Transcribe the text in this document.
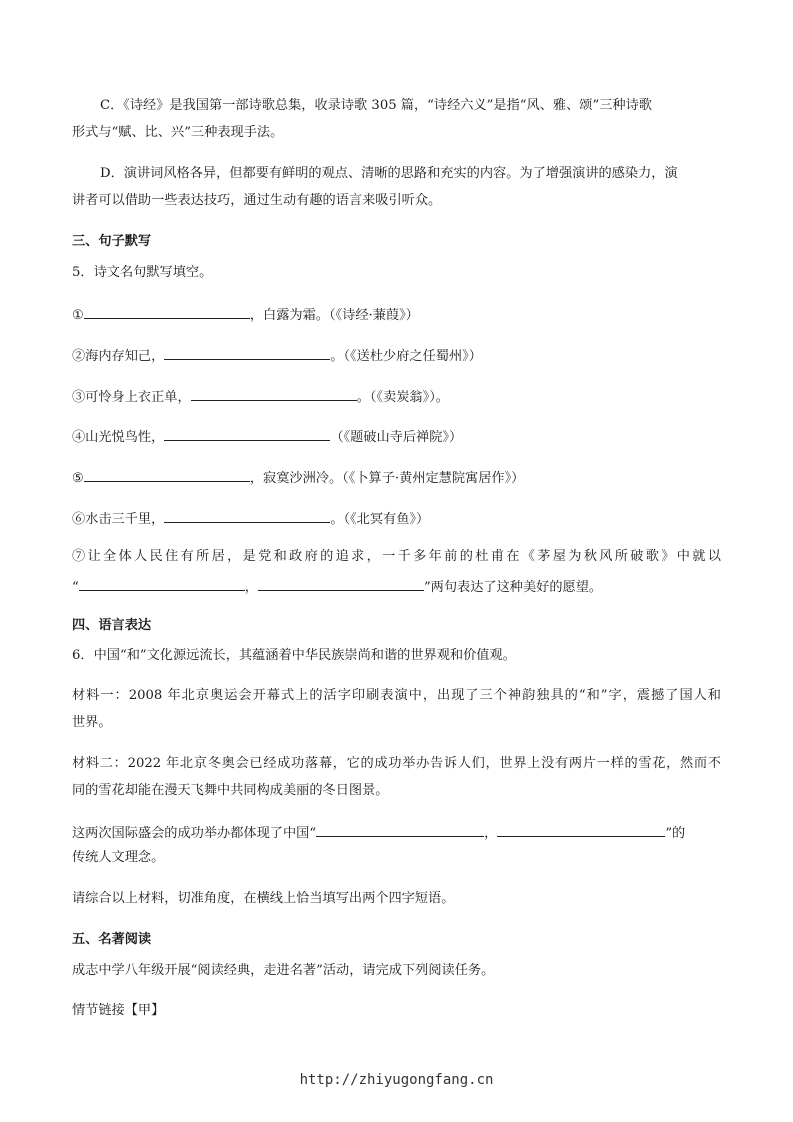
C．《诗经》是我国第一部诗歌总集，收录诗歌 305 篇，“诗经六义”是指“风、雅、颂”三种诗歌
形式与“赋、比、兴”三种表现手法。
D．演讲词风格各异，但都要有鲜明的观点、清晰的思路和充实的内容。为了增强演讲的感染力，演
讲者可以借助一些表达技巧，通过生动有趣的语言来吸引听众。
三、句子默写
5．诗文名句默写填空。
①	，白露为霜。（《诗经·蒹葭》）
②海内存知己，	。（《送杜少府之任蜀州》）
③可怜身上衣正单，	。（《卖炭翁》）。
④山光悦鸟性，	（《题破山寺后禅院》）
⑤	，寂寞沙洲冷。（《卜算子·黄州定慧院寓居作》）
⑥水击三千里，	。（《北冥有鱼》）
⑦让全体人民住有所居，是党和政府的追求，一千多年前的杜甫在《茅屋为秋风所破歌》中就以
“	，	”两句表达了这种美好的愿望。
四、语言表达
6．中国“和”文化源远流长，其蕴涵着中华民族崇尚和谐的世界观和价值观。
材料一：2008 年北京奥运会开幕式上的活字印刷表演中，出现了三个神韵独具的“和”字，震撼了国人和
世界。
材料二：2022 年北京冬奥会已经成功落幕，它的成功举办告诉人们，世界上没有两片一样的雪花，然而不
同的雪花却能在漫天飞舞中共同构成美丽的冬日图景。
这两次国际盛会的成功举办都体现了中国“	，	”的
传统人文理念。
请综合以上材料，切准角度，在横线上恰当填写出两个四字短语。
五、名著阅读
成志中学八年级开展“阅读经典，走进名著”活动，请完成下列阅读任务。
情节链接【甲】
http://zhiyugongfang.cn
